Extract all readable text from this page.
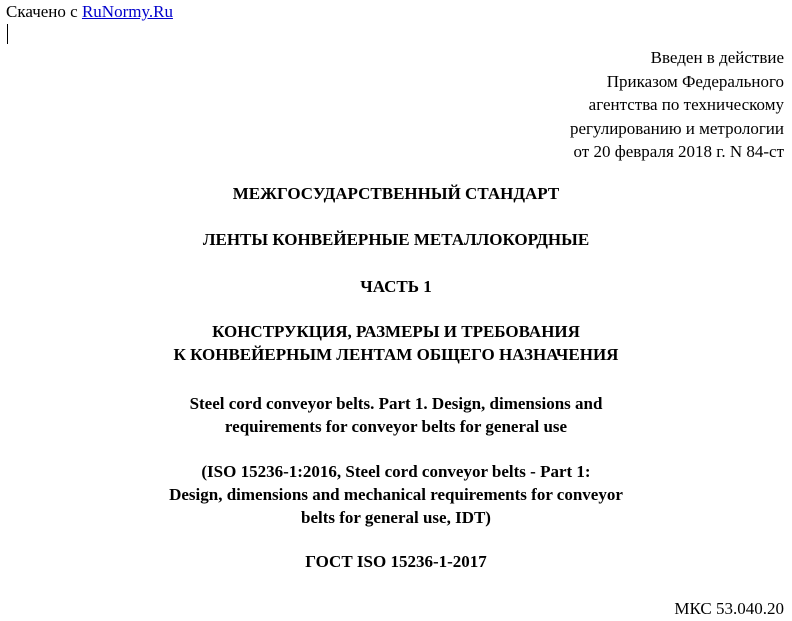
Скачено с RuNormy.Ru
Введен в действие
Приказом Федерального
агентства по техническому
регулированию и метрологии
от 20 февраля 2018 г. N 84-ст
МЕЖГОСУДАРСТВЕННЫЙ СТАНДАРТ
ЛЕНТЫ КОНВЕЙЕРНЫЕ МЕТАЛЛОКОРДНЫЕ
ЧАСТЬ 1
КОНСТРУКЦИЯ, РАЗМЕРЫ И ТРЕБОВАНИЯ
К КОНВЕЙЕРНЫМ ЛЕНТАМ ОБЩЕГО НАЗНАЧЕНИЯ
Steel cord conveyor belts. Part 1. Design, dimensions and
requirements for conveyor belts for general use
(ISO 15236-1:2016, Steel cord conveyor belts - Part 1:
Design, dimensions and mechanical requirements for conveyor
belts for general use, IDT)
ГОСТ ISO 15236-1-2017
МКС 53.040.20
